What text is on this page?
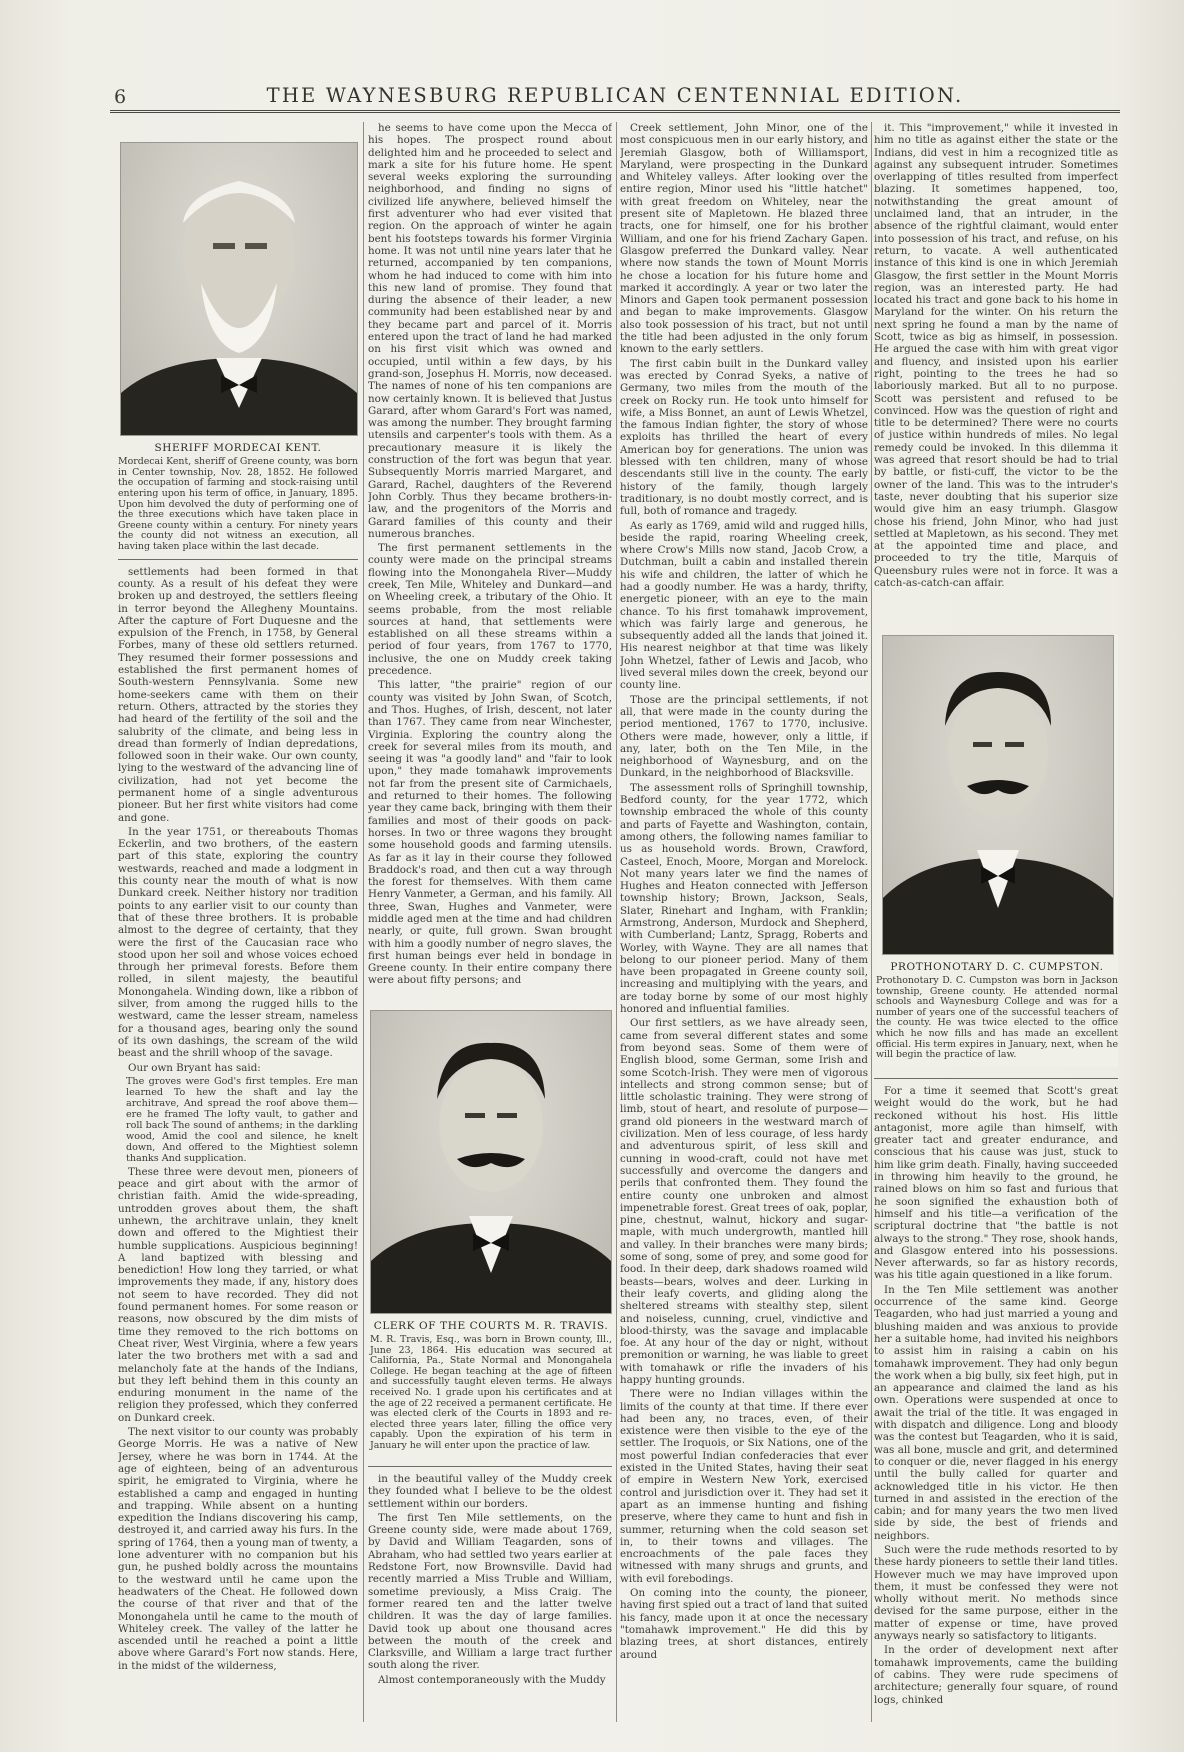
6	THE WAYNESBURG REPUBLICAN CENTENNIAL EDITION.
SHERIFF MORDECAI KENT.
Mordecai Kent, sheriff of Greene county, was born in Center township, Nov. 28, 1852. He followed the occupation of farming and stock-raising until entering upon his term of office, in January, 1895. Upon him devolved the duty of performing one of the three executions which have taken place in Greene county within a century. For ninety years the county did not witness an execution, all having taken place within the last decade.

settlements had been formed in that county. As a result of his defeat they were broken up and destroyed, the settlers fleeing in terror beyond the Allegheny Mountains. After the capture of Fort Duquesne and the expulsion of the French, in 1758, by General Forbes, many of these old settlers returned. They resumed their former possessions and established the first permanent homes of South-western Pennsylvania. Some new home-seekers came with them on their return. Others, attracted by the stories they had heard of the fertility of the soil and the salubrity of the climate, and being less in dread than formerly of Indian depredations, followed soon in their wake. Our own county, lying to the westward of the advancing line of civilization, had not yet become the permanent home of a single adventurous pioneer. But her first white visitors had come and gone.

In the year 1751, or thereabouts Thomas Eckerlin, and two brothers, of the eastern part of this state, exploring the country westwards, reached and made a lodgment in this county near the mouth of what is now Dunkard creek. Neither history nor tradition points to any earlier visit to our county than that of these three brothers. It is probable almost to the degree of certainty, that they were the first of the Caucasian race who stood upon her soil and whose voices echoed through her primeval forests. Before them rolled, in silent majesty, the beautiful Monongahela. Winding down, like a ribbon of silver, from among the rugged hills to the westward, came the lesser stream, nameless for a thousand ages, bearing only the sound of its own dashings, the scream of the wild beast and the shrill whoop of the savage.

Our own Bryant has said:

The groves were God's first temples. Ere man learned To hew the shaft and lay the architrave, And spread the roof above them—ere he framed The lofty vault, to gather and roll back The sound of anthems; in the darkling wood, Amid the cool and silence, he knelt down, And offered to the Mightiest solemn thanks And supplication.

These three were devout men, pioneers of peace and girt about with the armor of christian faith. Amid the wide-spreading, untrodden groves about them, the shaft unhewn, the architrave unlain, they knelt down and offered to the Mightiest their humble supplications. Auspicious beginning! A land baptized with blessing and benediction! How long they tarried, or what improvements they made, if any, history does not seem to have recorded. They did not found permanent homes. For some reason or reasons, now obscured by the dim mists of time they removed to the rich bottoms on Cheat river, West Virginia, where a few years later the two brothers met with a sad and melancholy fate at the hands of the Indians, but they left behind them in this county an enduring monument in the name of the religion they professed, which they conferred on Dunkard creek.

The next visitor to our county was probably George Morris. He was a native of New Jersey, where he was born in 1744. At the age of eighteen, being of an adventurous spirit, he emigrated to Virginia, where he established a camp and engaged in hunting and trapping. While absent on a hunting expedition the Indians discovering his camp, destroyed it, and carried away his furs. In the spring of 1764, then a young man of twenty, a lone adventurer with no companion but his gun, he pushed boldly across the mountains to the westward until he came upon the headwaters of the Cheat. He followed down the course of that river and that of the Monongahela until he came to the mouth of Whiteley creek. The valley of the latter he ascended until he reached a point a little above where Garard's Fort now stands. Here, in the midst of the wilderness,

he seems to have come upon the Mecca of his hopes. The prospect round about delighted him and he proceeded to select and mark a site for his future home. He spent several weeks exploring the surrounding neighborhood, and finding no signs of civilized life anywhere, believed himself the first adventurer who had ever visited that region. On the approach of winter he again bent his footsteps towards his former Virginia home. It was not until nine years later that he returned, accompanied by ten companions, whom he had induced to come with him into this new land of promise. They found that during the absence of their leader, a new community had been established near by and they became part and parcel of it. Morris entered upon the tract of land he had marked on his first visit which was owned and occupied, until within a few days, by his grand-son, Josephus H. Morris, now deceased. The names of none of his ten companions are now certainly known. It is believed that Justus Garard, after whom Garard's Fort was named, was among the number. They brought farming utensils and carpenter's tools with them. As a precautionary measure it is likely the construction of the fort was begun that year. Subsequently Morris married Margaret, and Garard, Rachel, daughters of the Reverend John Corbly. Thus they became brothers-in-law, and the progenitors of the Morris and Garard families of this county and their numerous branches.

The first permanent settlements in the county were made on the principal streams flowing into the Monongahela River—Muddy creek, Ten Mile, Whiteley and Dunkard—and on Wheeling creek, a tributary of the Ohio. It seems probable, from the most reliable sources at hand, that settlements were established on all these streams within a period of four years, from 1767 to 1770, inclusive, the one on Muddy creek taking precedence.

This latter, "the prairie" region of our county was visited by John Swan, of Scotch, and Thos. Hughes, of Irish, descent, not later than 1767. They came from near Winchester, Virginia. Exploring the country along the creek for several miles from its mouth, and seeing it was "a goodly land" and "fair to look upon," they made tomahawk improvements not far from the present site of Carmichaels, and returned to their homes. The following year they came back, bringing with them their families and most of their goods on pack-horses. In two or three wagons they brought some household goods and farming utensils. As far as it lay in their course they followed Braddock's road, and then cut a way through the forest for themselves. With them came Henry Vanmeter, a German, and his family. All three, Swan, Hughes and Vanmeter, were middle aged men at the time and had children nearly, or quite, full grown. Swan brought with him a goodly number of negro slaves, the first human beings ever held in bondage in Greene county. In their entire company there were about fifty persons; and

in the beautiful valley of the Muddy creek they founded what I believe to be the oldest settlement within our borders.

The first Ten Mile settlements, on the Greene county side, were made about 1769, by David and William Teagarden, sons of Abraham, who had settled two years earlier at Redstone Fort, now Brownsville. David had recently married a Miss Truble and William, sometime previously, a Miss Craig. The former reared ten and the latter twelve children. It was the day of large families. David took up about one thousand acres between the mouth of the creek and Clarksville, and William a large tract further south along the river.

Almost contemporaneously with the Muddy

CLERK OF THE COURTS M. R. TRAVIS.
M. R. Travis, Esq., was born in Brown county, Ill., June 23, 1864. His education was secured at California, Pa., State Normal and Monongahela College. He began teaching at the age of fifteen and successfully taught eleven terms. He always received No. 1 grade upon his certificates and at the age of 22 received a permanent certificate. He was elected clerk of the Courts in 1893 and re-elected three years later, filling the office very capably. Upon the expiration of his term in January he will enter upon the practice of law.

Creek settlement, John Minor, one of the most conspicuous men in our early history, and Jeremiah Glasgow, both of Williamsport, Maryland, were prospecting in the Dunkard and Whiteley valleys. After looking over the entire region, Minor used his "little hatchet" with great freedom on Whiteley, near the present site of Mapletown. He blazed three tracts, one for himself, one for his brother William, and one for his friend Zachary Gapen. Glasgow preferred the Dunkard valley. Near where now stands the town of Mount Morris he chose a location for his future home and marked it accordingly. A year or two later the Minors and Gapen took permanent possession and began to make improvements. Glasgow also took possession of his tract, but not until the title had been adjusted in the only forum known to the early settlers.

The first cabin built in the Dunkard valley was erected by Conrad Syeks, a native of Germany, two miles from the mouth of the creek on Rocky run. He took unto himself for wife, a Miss Bonnet, an aunt of Lewis Whetzel, the famous Indian fighter, the story of whose exploits has thrilled the heart of every American boy for generations. The union was blessed with ten children, many of whose descendants still live in the county. The early history of the family, though largely traditionary, is no doubt mostly correct, and is full, both of romance and tragedy.

As early as 1769, amid wild and rugged hills, beside the rapid, roaring Wheeling creek, where Crow's Mills now stand, Jacob Crow, a Dutchman, built a cabin and installed therein his wife and children, the latter of which he had a goodly number. He was a hardy, thrifty, energetic pioneer, with an eye to the main chance. To his first tomahawk improvement, which was fairly large and generous, he subsequently added all the lands that joined it. His nearest neighbor at that time was likely John Whetzel, father of Lewis and Jacob, who lived several miles down the creek, beyond our county line.

Those are the principal settlements, if not all, that were made in the county during the period mentioned, 1767 to 1770, inclusive. Others were made, however, only a little, if any, later, both on the Ten Mile, in the neighborhood of Waynesburg, and on the Dunkard, in the neighborhood of Blacksville.

The assessment rolls of Springhill township, Bedford county, for the year 1772, which township embraced the whole of this county and parts of Fayette and Washington, contain, among others, the following names familiar to us as household words. Brown, Crawford, Casteel, Enoch, Moore, Morgan and Morelock. Not many years later we find the names of Hughes and Heaton connected with Jefferson township history; Brown, Jackson, Seals, Slater, Rinehart and Ingham, with Franklin; Armstrong, Anderson, Murdock and Shepherd, with Cumberland; Lantz, Spragg, Roberts and Worley, with Wayne. They are all names that belong to our pioneer period. Many of them have been propagated in Greene county soil, increasing and multiplying with the years, and are today borne by some of our most highly honored and influential families.

Our first settlers, as we have already seen, came from several different states and some from beyond seas. Some of them were of English blood, some German, some Irish and some Scotch-Irish. They were men of vigorous intellects and strong common sense; but of little scholastic training. They were strong of limb, stout of heart, and resolute of purpose—grand old pioneers in the westward march of civilization. Men of less courage, of less hardy and adventurous spirit, of less skill and cunning in wood-craft, could not have met successfully and overcome the dangers and perils that confronted them. They found the entire county one unbroken and almost impenetrable forest. Great trees of oak, poplar, pine, chestnut, walnut, hickory and sugar-maple, with much undergrowth, mantled hill and valley. In their branches were many birds; some of song, some of prey, and some good for food. In their deep, dark shadows roamed wild beasts—bears, wolves and deer. Lurking in their leafy coverts, and gliding along the sheltered streams with stealthy step, silent and noiseless, cunning, cruel, vindictive and blood-thirsty, was the savage and implacable foe. At any hour of the day or night, without premonition or warning, he was liable to greet with tomahawk or rifle the invaders of his happy hunting grounds.

There were no Indian villages within the limits of the county at that time. If there ever had been any, no traces, even, of their existence were then visible to the eye of the settler. The Iroquois, or Six Nations, one of the most powerful Indian confederacies that ever existed in the United States, having their seat of empire in Western New York, exercised control and jurisdiction over it. They had set it apart as an immense hunting and fishing preserve, where they came to hunt and fish in summer, returning when the cold season set in, to their towns and villages. The encroachments of the pale faces they witnessed with many shrugs and grunts, and with evil forebodings.

On coming into the county, the pioneer, having first spied out a tract of land that suited his fancy, made upon it at once the necessary "tomahawk improvement." He did this by blazing trees, at short distances, entirely around

it. This "improvement," while it invested in him no title as against either the state or the Indians, did vest in him a recognized title as against any subsequent intruder. Sometimes overlapping of titles resulted from imperfect blazing. It sometimes happened, too, notwithstanding the great amount of unclaimed land, that an intruder, in the absence of the rightful claimant, would enter into possession of his tract, and refuse, on his return, to vacate. A well authenticated instance of this kind is one in which Jeremiah Glasgow, the first settler in the Mount Morris region, was an interested party. He had located his tract and gone back to his home in Maryland for the winter. On his return the next spring he found a man by the name of Scott, twice as big as himself, in possession. He argued the case with him with great vigor and fluency, and insisted upon his earlier right, pointing to the trees he had so laboriously marked. But all to no purpose. Scott was persistent and refused to be convinced. How was the question of right and title to be determined? There were no courts of justice within hundreds of miles. No legal remedy could be invoked. In this dilemma it was agreed that resort should be had to trial by battle, or fisti-cuff, the victor to be the owner of the land. This was to the intruder's taste, never doubting that his superior size would give him an easy triumph. Glasgow chose his friend, John Minor, who had just settled at Mapletown, as his second. They met at the appointed time and place, and proceeded to try the title, Marquis of Queensbury rules were not in force. It was a catch-as-catch-can affair.

For a time it seemed that Scott's great weight would do the work, but he had reckoned without his host. His little antagonist, more agile than himself, with greater tact and greater endurance, and conscious that his cause was just, stuck to him like grim death. Finally, having succeeded in throwing him heavily to the ground, he rained blows on him so fast and furious that he soon signified the exhaustion both of himself and his title—a verification of the scriptural doctrine that "the battle is not always to the strong." They rose, shook hands, and Glasgow entered into his possessions. Never afterwards, so far as history records, was his title again questioned in a like forum.

In the Ten Mile settlement was another occurrence of the same kind. George Teagarden, who had just married a young and blushing maiden and was anxious to provide her a suitable home, had invited his neighbors to assist him in raising a cabin on his tomahawk improvement. They had only begun the work when a big bully, six feet high, put in an appearance and claimed the land as his own. Operations were suspended at once to await the trial of the title. It was engaged in with dispatch and diligence. Long and bloody was the contest but Teagarden, who it is said, was all bone, muscle and grit, and determined to conquer or die, never flagged in his energy until the bully called for quarter and acknowledged title in his victor. He then turned in and assisted in the erection of the cabin; and for many years the two men lived side by side, the best of friends and neighbors.

Such were the rude methods resorted to by these hardy pioneers to settle their land titles. However much we may have improved upon them, it must be confessed they were not wholly without merit. No methods since devised for the same purpose, either in the matter of expense or time, have proved anyways nearly so satisfactory to litigants.

In the order of development next after tomahawk improvements, came the building of cabins. They were rude specimens of architecture; generally four square, of round logs, chinked

PROTHONOTARY D. C. CUMPSTON.
Prothonotary D. C. Cumpston was born in Jackson township, Greene county. He attended normal schools and Waynesburg College and was for a number of years one of the successful teachers of the county. He was twice elected to the office which he now fills and has made an excellent official. His term expires in January, next, when he will begin the practice of law.
